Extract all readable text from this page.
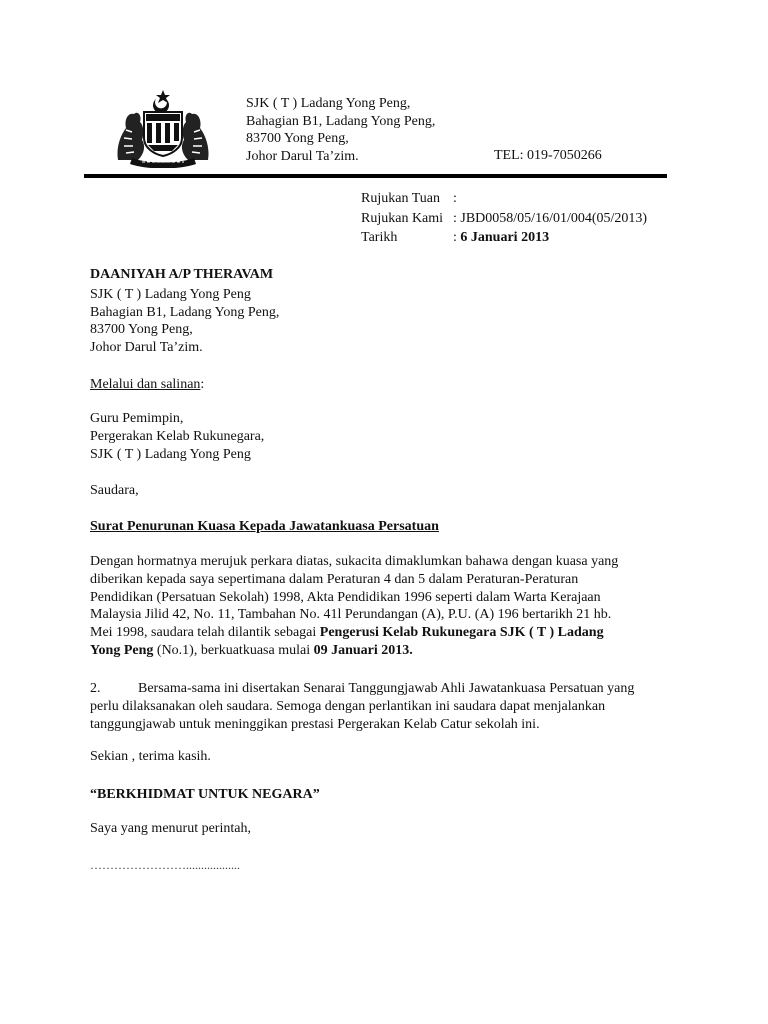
SJK ( T ) Ladang Yong Peng,
Bahagian B1, Ladang Yong Peng,
83700 Yong Peng,
Johor Darul Ta’zim.	TEL: 019-7050266
Rujukan Tuan :
Rujukan Kami : JBD0058/05/16/01/004(05/2013)
Tarikh	: 6 Januari 2013
DAANIYAH A/P THERAVAM
SJK ( T ) Ladang Yong Peng
Bahagian B1, Ladang Yong Peng,
83700 Yong Peng,
Johor Darul Ta’zim.
Melalui dan salinan:
Guru Pemimpin,
Pergerakan Kelab Rukunegara,
SJK ( T ) Ladang Yong Peng
Saudara,
Surat Penurunan Kuasa Kepada Jawatankuasa Persatuan
Dengan hormatnya merujuk perkara diatas, sukacita dimaklumkan bahawa dengan kuasa yang
diberikan kepada saya sepertimana dalam Peraturan 4 dan 5 dalam Peraturan-Peraturan
Pendidikan (Persatuan Sekolah) 1998, Akta Pendidikan 1996 seperti dalam Warta Kerajaan
Malaysia Jilid 42, No. 11, Tambahan No. 41l Perundangan (A), P.U. (A) 196 bertarikh 21 hb.
Mei 1998, saudara telah dilantik sebagai Pengerusi Kelab Rukunegara SJK ( T ) Ladang
Yong Peng (No.1), berkuatkuasa mulai 09 Januari 2013.
2.	Bersama-sama ini disertakan Senarai Tanggungjawab Ahli Jawatankuasa Persatuan yang
perlu dilaksanakan oleh saudara. Semoga dengan perlantikan ini saudara dapat menjalankan
tanggungjawab untuk meninggikan prestasi Pergerakan Kelab Catur sekolah ini.
Sekian , terima kasih.
“BERKHIDMAT UNTUK NEGARA”
Saya yang menurut perintah,
……………………..................
